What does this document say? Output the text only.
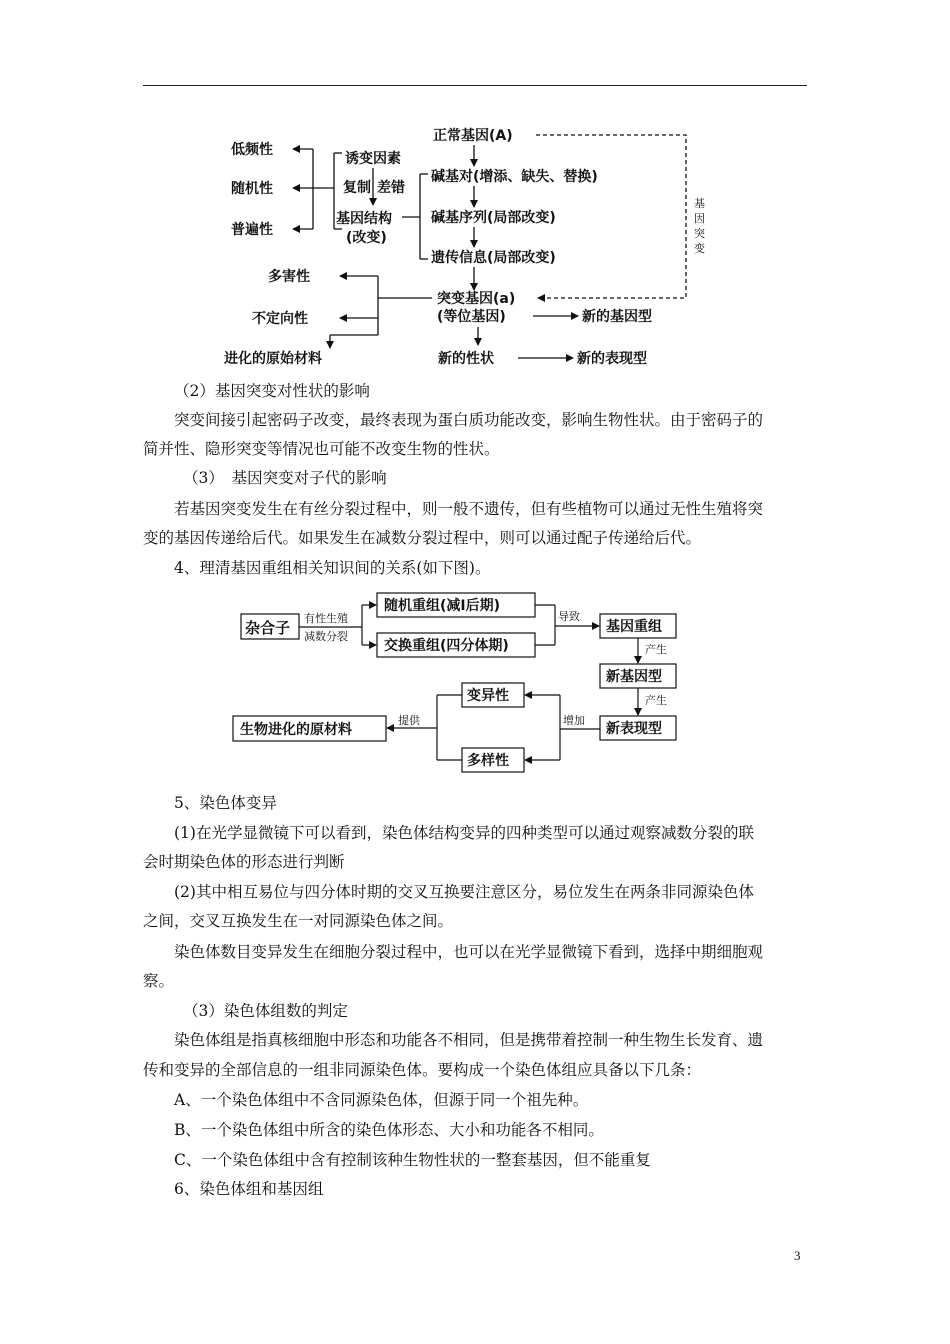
低频性
随机性
普遍性
诱变因素
复制 差错
基因结构
(改变)
正常基因(A)
碱基对(增添、缺失、替换)
碱基序列(局部改变)
遗传信息(局部改变)
基
因
突
变
多害性
不定向性
进化的原始材料
突变基因(a)
(等位基因)	新的基因型
新的性状	新的表现型
（2）基因突变对性状的影响
突变间接引起密码子改变，最终表现为蛋白质功能改变，影响生物性状。由于密码子的
简并性、隐形突变等情况也可能不改变生物的性状。
（3）　基因突变对子代的影响
若基因突变发生在有丝分裂过程中，则一般不遗传，但有些植物可以通过无性生殖将突
变的基因传递给后代。如果发生在减数分裂过程中，则可以通过配子传递给后代。
4、理清基因重组相关知识间的关系(如下图)。
杂合子
有性生殖
减数分裂
随机重组(减Ⅰ后期)
交换重组(四分体期)
导致
基因重组
产生
新基因型
产生
新表现型
增加
变异性
多样性
提供
生物进化的原材料
5、染色体变异
(1)在光学显微镜下可以看到，染色体结构变异的四种类型可以通过观察减数分裂的联
会时期染色体的形态进行判断
(2)其中相互易位与四分体时期的交叉互换要注意区分，易位发生在两条非同源染色体
之间，交叉互换发生在一对同源染色体之间。
染色体数目变异发生在细胞分裂过程中，也可以在光学显微镜下看到，选择中期细胞观
察。
（3）染色体组数的判定
染色体组是指真核细胞中形态和功能各不相同，但是携带着控制一种生物生长发育、遗
传和变异的全部信息的一组非同源染色体。要构成一个染色体组应具备以下几条：
A、一个染色体组中不含同源染色体，但源于同一个祖先种。
B、一个染色体组中所含的染色体形态、大小和功能各不相同。
C、一个染色体组中含有控制该种生物性状的一整套基因，但不能重复
6、染色体组和基因组
3
